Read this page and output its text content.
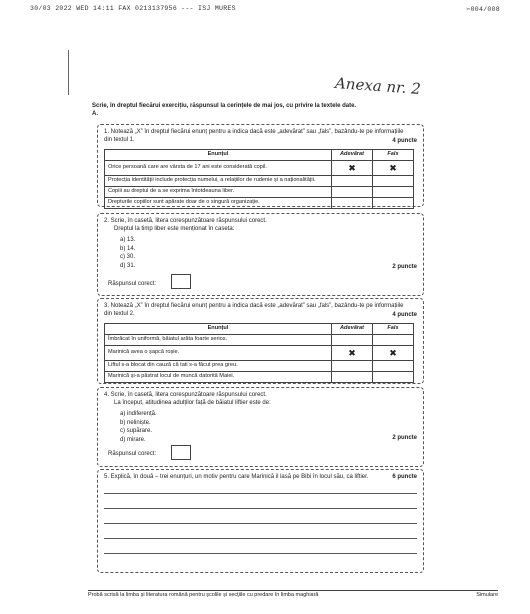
30/03 2022 WED 14:11 FAX 0213137956 --- ISJ MURES	✂004/008
Anexa nr. 2
Scrie, în dreptul fiecărui exercițiu, răspunsul la cerințele de mai jos, cu privire la textele date.
A.
1. Notează „X” în dreptul fiecărui enunț pentru a indica dacă este „adevărat” sau „fals”, bazându-te pe informațiile din textul 1.	4 puncte
Enunțul	Adevărat	Fals
Orice persoană care are vârsta de 17 ani este considerată copil.	✖	✖
Protecția identității include protecția numelui, a relațiilor de rudenie și a naționalității.		
Copiii au dreptul de a se exprima întotdeauna liber.		
Drepturile copiilor sunt apărate doar de o singură organizație.		
2. Scrie, în casetă, litera corespunzătoare răspunsului corect.
Dreptul la timp liber este menționat în caseta:
a) 13.
b) 14.
c) 30.
d) 31.	2 puncte
Răspunsul corect:
3. Notează „X” în dreptul fiecărui enunț pentru a indica dacă este „adevărat” sau „fals”, bazându-te pe informațiile din textul 2.	4 puncte
Enunțul	Adevărat	Fals
Îmbrăcat în uniformă, băiatul arăta foarte serios.		
Marinică avea o șapcă roșie.	✖	✖
Liftul s-a blocat din cauză că tati s-a făcut prea greu.		
Marinică și-a păstrat locul de muncă datorită Maiei.		
4. Scrie, în casetă, litera corespunzătoare răspunsului corect.
La început, atitudinea adulților față de băiatul liftier este de:
a) indiferență.
b) neliniște.
c) supărare.
d) mirare.	2 puncte
Răspunsul corect:
5. Explică, în două – trei enunțuri, un motiv pentru care Marinică il lasă pe Bibi în locul său, ca liftier.	6 puncte
Probă scrisă la limba și literatura română pentru școlile și secțiile cu predare în limba maghiară	Simulare
